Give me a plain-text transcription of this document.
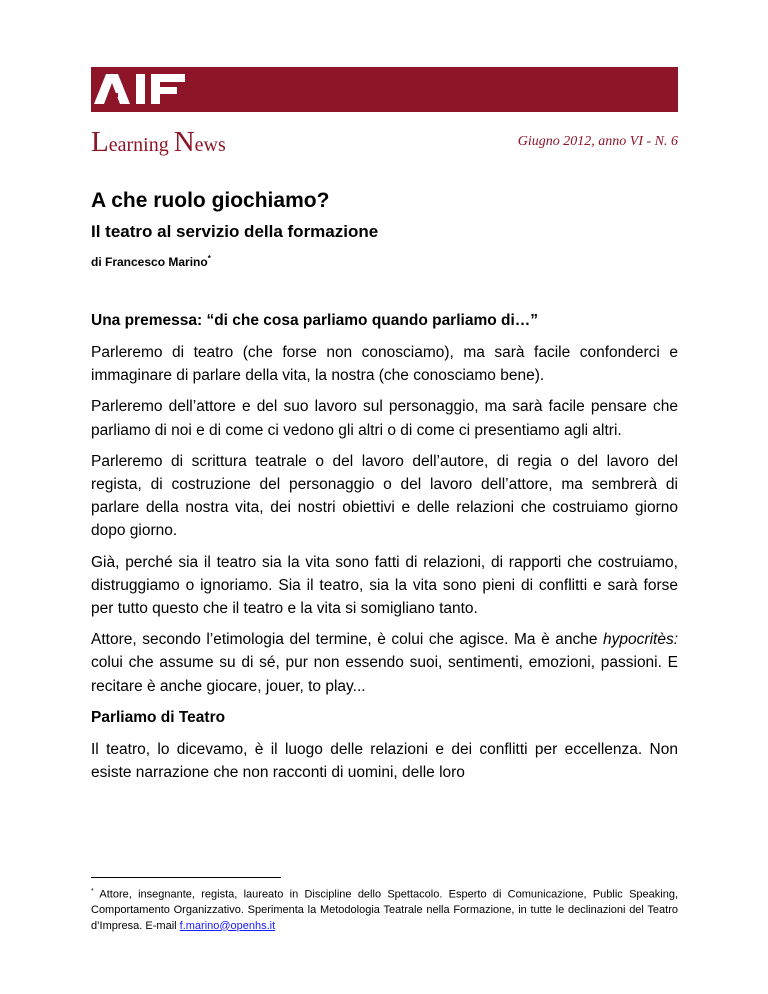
Learning News	Giugno 2012, anno VI - N. 6
A che ruolo giochiamo?
Il teatro al servizio della formazione
di Francesco Marino*
Una premessa: “di che cosa parliamo quando parliamo di…”

Parleremo di teatro (che forse non conosciamo), ma sarà facile confonderci e immaginare di parlare della vita, la nostra (che conosciamo bene).

Parleremo dell’attore e del suo lavoro sul personaggio, ma sarà facile pensare che parliamo di noi e di come ci vedono gli altri o di come ci presentiamo agli altri.

Parleremo di scrittura teatrale o del lavoro dell’autore, di regia o del lavoro del regista, di costruzione del personaggio o del lavoro dell’attore, ma sembrerà di parlare della nostra vita, dei nostri obiettivi e delle relazioni che costruiamo giorno dopo giorno.

Già, perché sia il teatro sia la vita sono fatti di relazioni, di rapporti che costruiamo, distruggiamo o ignoriamo. Sia il teatro, sia la vita sono pieni di conflitti e sarà forse per tutto questo che il teatro e la vita si somigliano tanto.

Attore, secondo l’etimologia del termine, è colui che agisce. Ma è anche hypocritès: colui che assume su di sé, pur non essendo suoi, sentimenti, emozioni, passioni. E recitare è anche giocare, jouer, to play...

Parliamo di Teatro

Il teatro, lo dicevamo, è il luogo delle relazioni e dei conflitti per eccellenza. Non esiste narrazione che non racconti di uomini, delle loro

* Attore, insegnante, regista, laureato in Discipline dello Spettacolo. Esperto di Comunicazione, Public Speaking, Comportamento Organizzativo. Sperimenta la Metodologia Teatrale nella Formazione, in tutte le declinazioni del Teatro d’Impresa. E-mail f.marino@openhs.it
